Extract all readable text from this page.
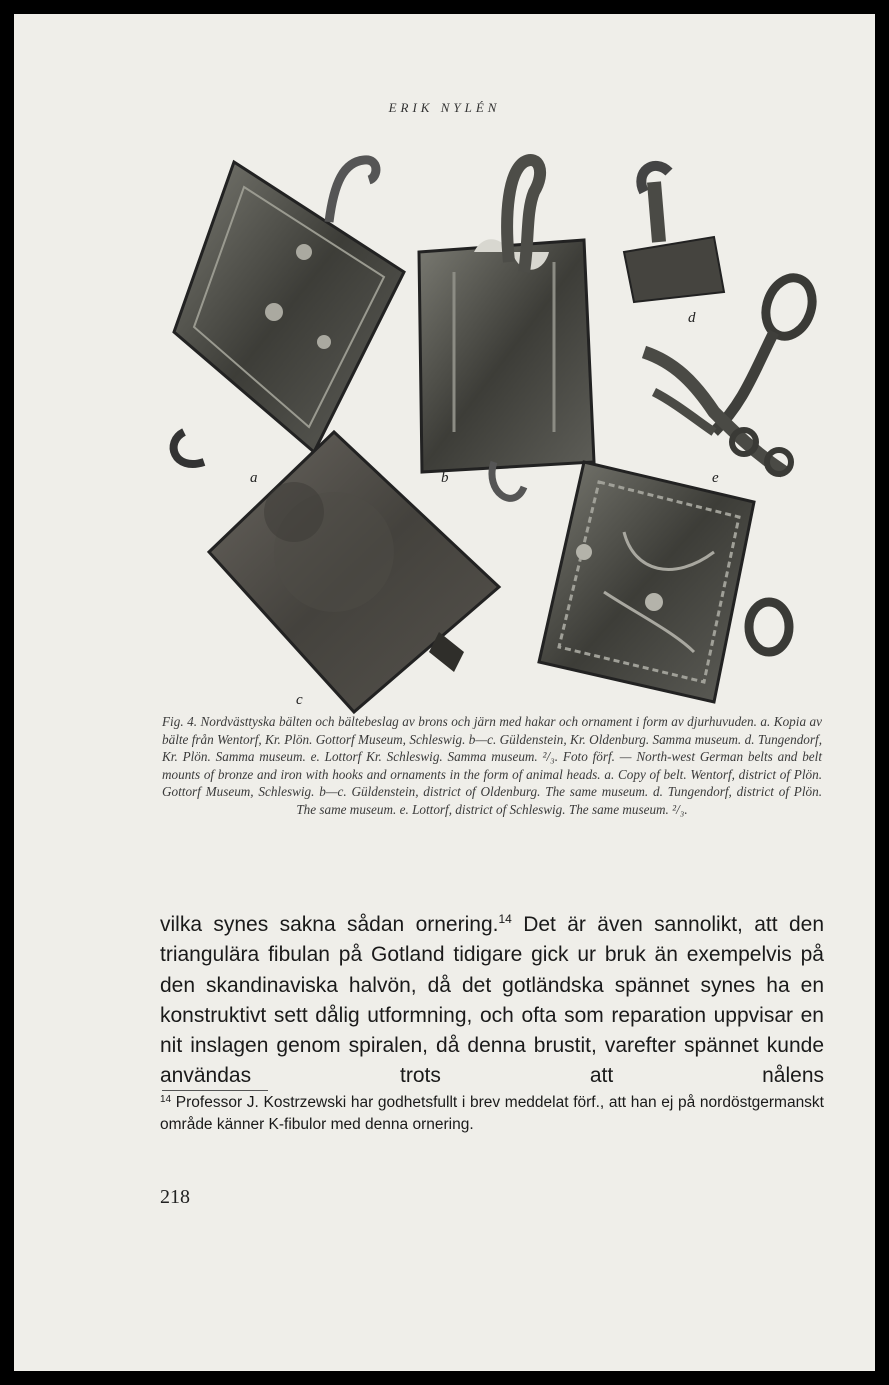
ERIK NYLÉN
a	b
d
e
c

Fig. 4. Nordvästtyska bälten och bältebeslag av brons och järn med hakar och ornament i form av djurhuvuden. a. Kopia av bälte från Wentorf, Kr. Plön. Gottorf Museum, Schleswig. b—c. Güldenstein, Kr. Oldenburg. Samma museum. d. Tungendorf, Kr. Plön. Samma museum. e. Lottorf Kr. Schleswig. Samma museum. ²/₃. Foto förf. — North-west German belts and belt mounts of bronze and iron with hooks and ornaments in the form of animal heads. a. Copy of belt. Wentorf, district of Plön. Gottorf Museum, Schleswig. b—c. Güldenstein, district of Oldenburg. The same museum. d. Tungendorf, district of Plön. The same museum. e. Lottorf, district of Schleswig. The same museum. ²/₃.

vilka synes sakna sådan ornering.$^{14}$ Det är även sannolikt, att den triangulära fibulan på Gotland tidigare gick ur bruk än exempelvis på den skandinaviska halvön, då det gotländska spännet synes ha en konstruktivt sett dålig utformning, och ofta som reparation uppvisar en nit inslagen genom spiralen, då denna brustit, varefter spännet kunde användas trots att nålens

$^{14}$ Professor J. Kostrzewski har godhetsfullt i brev meddelat förf., att han ej på nordöstgermanskt område känner K-fibulor med denna ornering.

218
